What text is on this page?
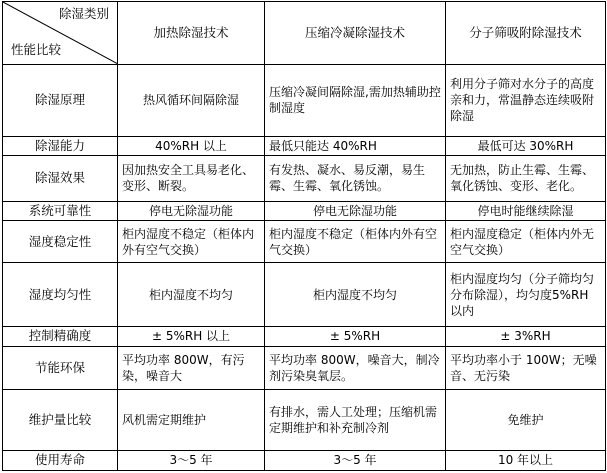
除湿类别
性能比较	加热除湿技术	压缩冷凝除湿技术	分子筛吸附除湿技术
除湿原理	热风循环间隔除湿	压缩冷凝间隔除湿,需加热辅助控制湿度	利用分子筛对水分子的高度亲和力，常温静态连续吸附除湿
除湿能力	40%RH 以上	最低只能达 40%RH	最低可达 30%RH
除湿效果	因加热安全工具易老化、变形、断裂。	有发热、凝水、易反潮，易生霉、生霉、氧化锈蚀。	无加热，防止生霉、生霉、氧化锈蚀、变形、老化。
系统可靠性	停电无除湿功能	停电无除湿功能	停电时能继续除湿
湿度稳定性	柜内湿度不稳定（柜体内外有空气交换）	柜内湿度不稳定（柜体内外有空气交换）	柜内湿度稳定（柜体内外无空气交换）
湿度均匀性	柜内湿度不均匀	柜内湿度不均匀	柜内湿度均匀（分子筛均匀分布除湿），均匀度5%RH 以内
控制精确度	± 5%RH 以上	± 5%RH	± 3%RH
节能环保	平均功率 800W，有污染，噪音大	平均功率 800W，噪音大，制冷剂污染臭氧层。	平均功率小于 100W；无噪音、无污染
维护量比较	风机需定期维护	有排水，需人工处理；压缩机需定期维护和补充制冷剂	免维护
使用寿命	3～5 年	3～5 年	10 年以上
